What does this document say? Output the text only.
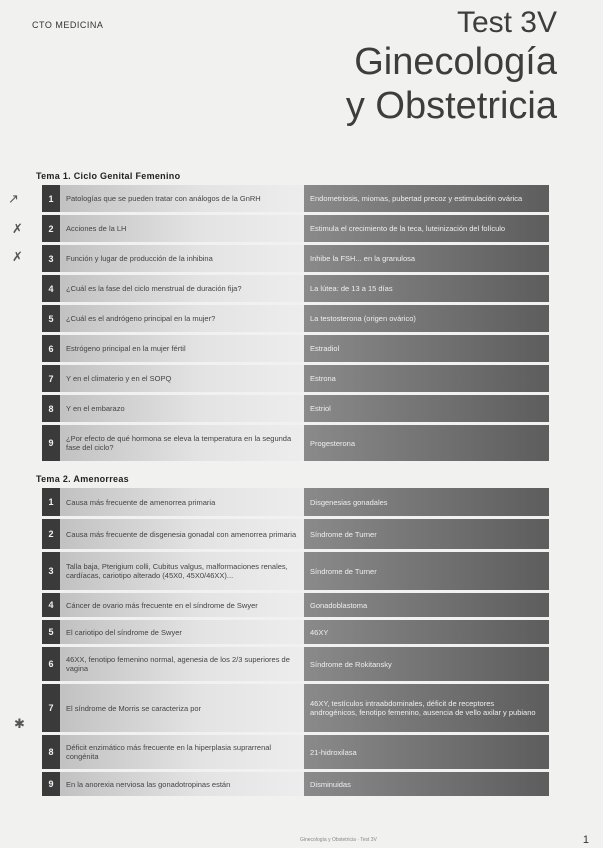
CTO MEDICINA	Test 3V
Ginecología
y Obstetricia
Tema 1. Ciclo Genital Femenino
1	Patologías que se pueden tratar con análogos de la GnRH	Endometriosis, miomas, pubertad precoz y estimulación ovárica
2	Acciones de la LH	Estimula el crecimiento de la teca, luteinización del folículo
3	Función y lugar de producción de la inhibina	Inhibe la FSH... en la granulosa
4	¿Cuál es la fase del ciclo menstrual de duración fija?	La lútea: de 13 a 15 días
5	¿Cuál es el andrógeno principal en la mujer?	La testosterona (origen ovárico)
6	Estrógeno principal en la mujer fértil	Estradiol
7	Y en el climaterio y en el SOPQ	Estrona
8	Y en el embarazo	Estriol
9	¿Por efecto de qué hormona se eleva la temperatura en la segunda fase del ciclo?	Progesterona
Tema 2. Amenorreas
1	Causa más frecuente de amenorrea primaria	Disgenesias gonadales
2	Causa más frecuente de disgenesia gonadal con amenorrea primaria	Síndrome de Turner
3	Talla baja, Pterigium colli, Cubitus valgus, malformaciones renales, cardíacas, cariotipo alterado (45X0, 45X0/46XX)...	Síndrome de Turner
4	Cáncer de ovario más frecuente en el síndrome de Swyer	Gonadoblastoma
5	El cariotipo del síndrome de Swyer	46XY
6	46XX, fenotipo femenino normal, agenesia de los 2/3 superiores de vagina	Síndrome de Rokitansky
7	El síndrome de Morris se caracteriza por	46XY, testículos intraabdominales, déficit de receptores androgénicos, fenotipo femenino, ausencia de vello axilar y pubiano
8	Déficit enzimático más frecuente en la hiperplasia suprarrenal congénita	21-hidroxilasa
9	En la anorexia nerviosa las gonadotropinas están	Disminuidas
↗
✗
✗
✱
Ginecología y Obstetricia · Test 3V	1
